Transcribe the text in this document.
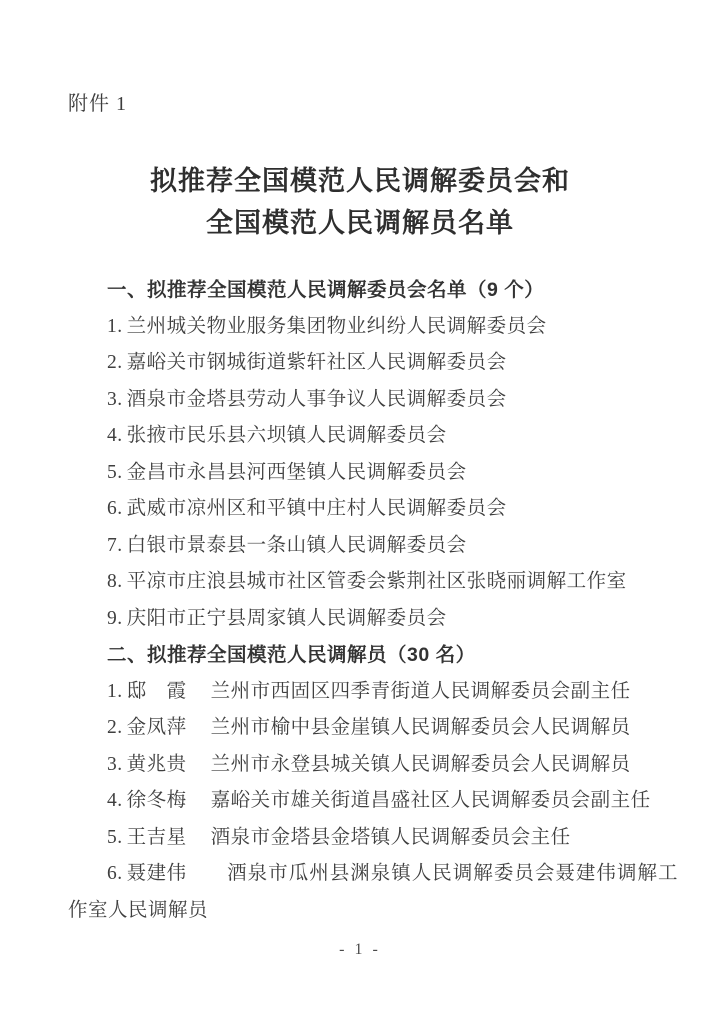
附件 1

拟推荐全国模范人民调解委员会和
全国模范人民调解员名单

一、拟推荐全国模范人民调解委员会名单（9 个）

1. 兰州城关物业服务集团物业纠纷人民调解委员会

2. 嘉峪关市钢城街道紫轩社区人民调解委员会

3. 酒泉市金塔县劳动人事争议人民调解委员会

4. 张掖市民乐县六坝镇人民调解委员会

5. 金昌市永昌县河西堡镇人民调解委员会

6. 武威市凉州区和平镇中庄村人民调解委员会

7. 白银市景泰县一条山镇人民调解委员会

8. 平凉市庄浪县城市社区管委会紫荆社区张晓丽调解工作室

9. 庆阳市正宁县周家镇人民调解委员会

二、拟推荐全国模范人民调解员（30 名）

1. 邸　霞 兰州市西固区四季青街道人民调解委员会副主任

2. 金凤萍 兰州市榆中县金崖镇人民调解委员会人民调解员

3. 黄兆贵 兰州市永登县城关镇人民调解委员会人民调解员

4. 徐冬梅 嘉峪关市雄关街道昌盛社区人民调解委员会副主任

5. 王吉星 酒泉市金塔县金塔镇人民调解委员会主任

6. 聂建伟 酒泉市瓜州县渊泉镇人民调解委员会聂建伟调解工作室人民调解员

- 1 -
